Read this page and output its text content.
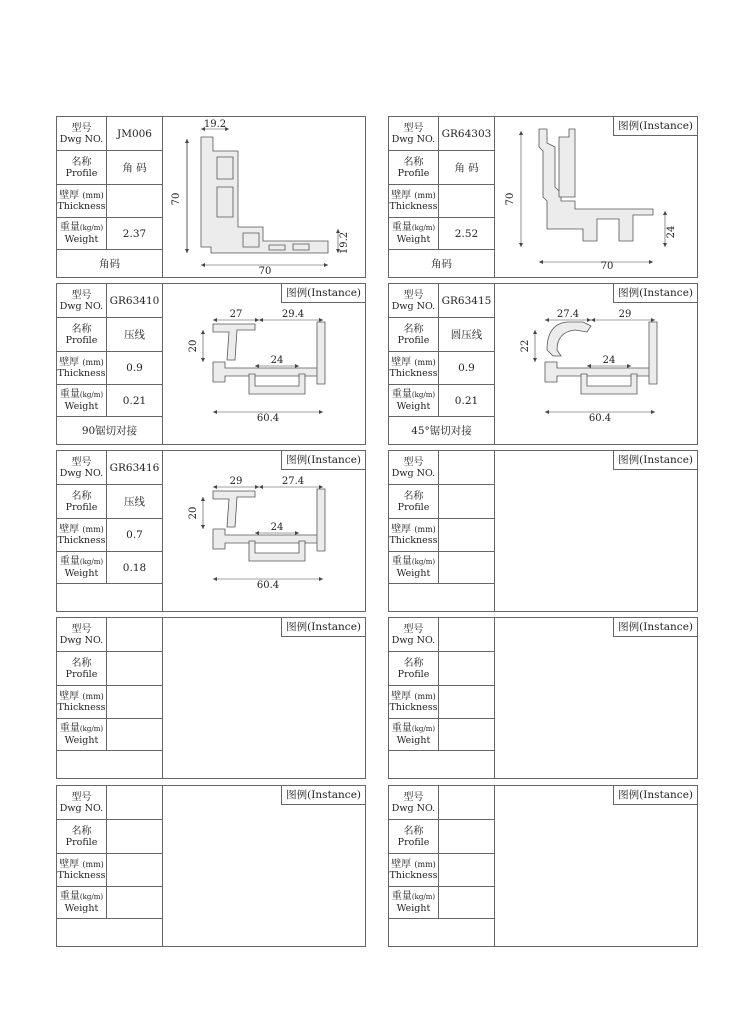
型号
Dwg NO.	JM006
名称
Profile	角 码
壁厚 (mm)
Thickness
重量(kg/m)
Weight	2.37
角码
70
19.2
19.2
70
型号
Dwg NO. GR64303
名称
Profile	角 码
壁厚 (mm)
Thickness
重量(kg/m)
Weight	2.52
角码
70
24
70
图例(Instance)
型号
Dwg NO. GR63410
名称
Profile	压线
壁厚 (mm)
Thickness	0.9
重量(kg/m)
Weight	0.21
90锯切对接
27	29.4
20
24
60.4
图例(Instance)	型号
Dwg NO. GR63415
名称
Profile	圆压线
壁厚 (mm)
Thickness	0.9
重量(kg/m)
Weight	0.21
45°锯切对接
27.4	29
22
24
60.4
图例(Instance)
型号
Dwg NO. GR63416
名称
Profile	压线
壁厚 (mm)
Thickness	0.7
重量(kg/m)
Weight	0.18
29	27.4
20
24
60.4
图例(Instance)	型号
Dwg NO.
名称
Profile
壁厚 (mm)
Thickness
重量(kg/m)
Weight
图例(Instance)
型号
Dwg NO.
名称
Profile
壁厚 (mm)
Thickness
重量(kg/m)
Weight
图例(Instance)	型号
Dwg NO.
名称
Profile
壁厚 (mm)
Thickness
重量(kg/m)
Weight
图例(Instance)
型号
Dwg NO.
名称
Profile
壁厚 (mm)
Thickness
重量(kg/m)
Weight
图例(Instance)	型号
Dwg NO.
名称
Profile
壁厚 (mm)
Thickness
重量(kg/m)
Weight
图例(Instance)
